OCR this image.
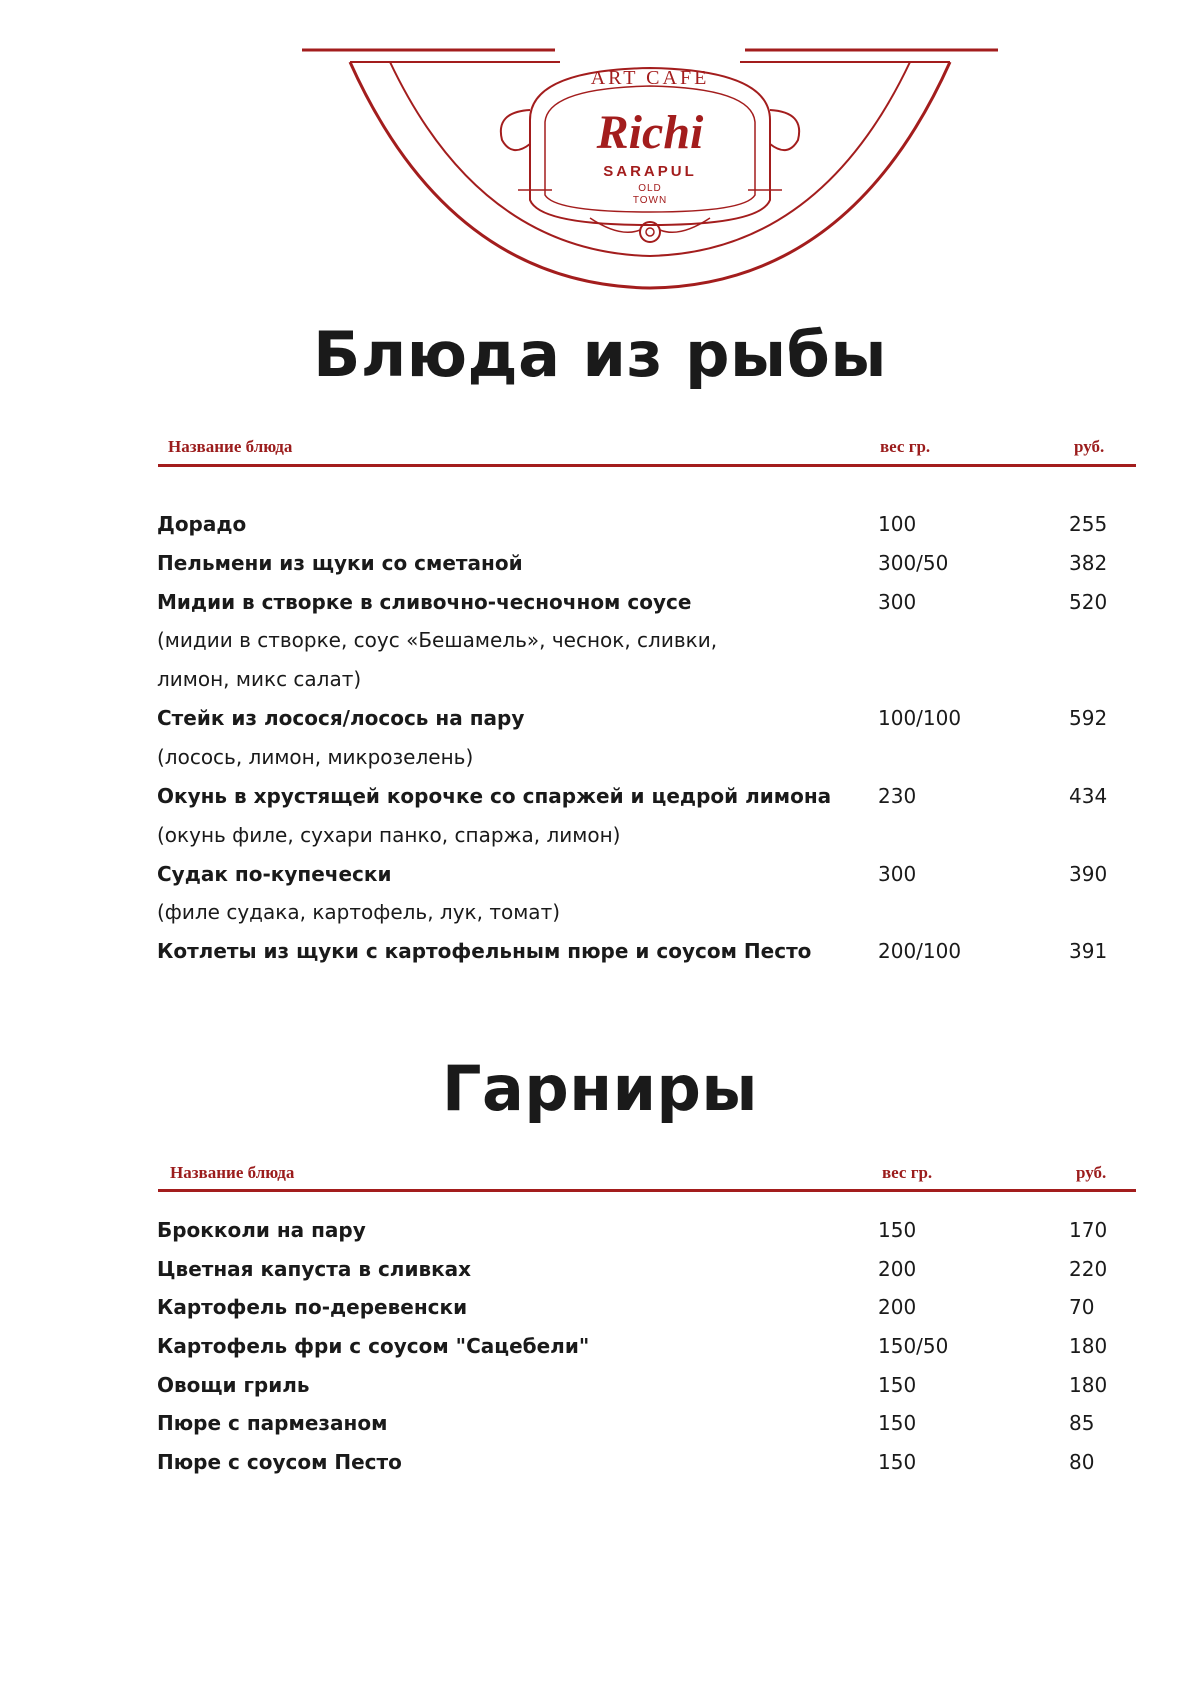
ART CAFE
Richi
SARAPUL
OLD
TOWN
Блюда из рыбы
Название блюда	вес гр.	руб.
Дорадо	100	255
Пельмени из щуки со сметаной	300/50	382
Мидии в створке в сливочно-чесночном соусе	300	520
(мидии в створке, соус «Бешамель», чеснок, сливки,
лимон, микс салат)
Стейк из лосося/лосось на пару	100/100	592
(лосось, лимон, микрозелень)
Окунь в хрустящей корочке со спаржей и цедрой лимона 230	434
(окунь филе, сухари панко, спаржа, лимон)
Судак по-купечески	300	390
(филе судака, картофель, лук, томат)
Котлеты из щуки с картофельным пюре и соусом Песто	200/100	391
Гарниры
Название блюда	вес гр.	руб.
Брокколи на пару	150	170
Цветная капуста в сливках	200	220
Картофель по-деревенски	200	70
Картофель фри с соусом "Сацебели"	150/50	180
Овощи гриль	150	180
Пюре с пармезаном	150	85
Пюре с соусом Песто	150	80
